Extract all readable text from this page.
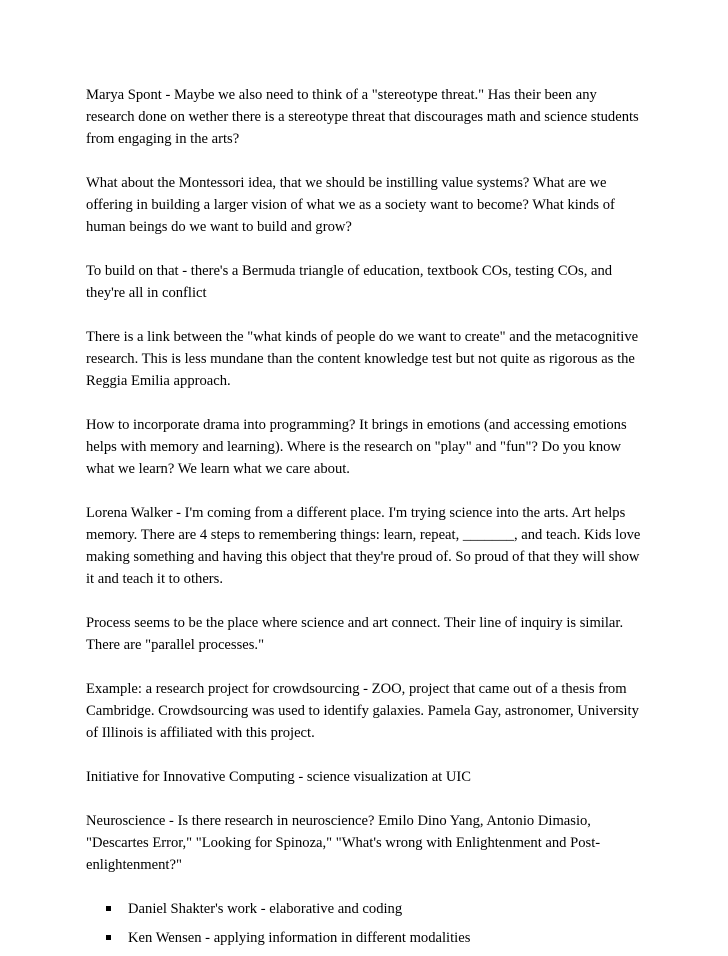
Marya Spont - Maybe we also need to think of a "stereotype threat." Has their been any research done on wether there is a stereotype threat that discourages math and science students from engaging in the arts?

What about the Montessori idea, that we should be instilling value systems? What are we offering in building a larger vision of what we as a society want to become? What kinds of human beings do we want to build and grow?

To build on that - there's a Bermuda triangle of education, textbook COs, testing COs, and they're all in conflict

There is a link between the "what kinds of people do we want to create" and the metacognitive research. This is less mundane than the content knowledge test but not quite as rigorous as the Reggia Emilia approach.

How to incorporate drama into programming? It brings in emotions (and accessing emotions helps with memory and learning). Where is the research on "play" and "fun"? Do you know what we learn? We learn what we care about.

Lorena Walker - I'm coming from a different place. I'm trying science into the arts. Art helps memory. There are 4 steps to remembering things: learn, repeat, _______, and teach. Kids love making something and having this object that they're proud of. So proud of that they will show it and teach it to others.

Process seems to be the place where science and art connect. Their line of inquiry is similar. There are "parallel processes."

Example: a research project for crowdsourcing - ZOO, project that came out of a thesis from Cambridge. Crowdsourcing was used to identify galaxies. Pamela Gay, astronomer, University of Illinois is affiliated with this project.

Initiative for Innovative Computing - science visualization at UIC

Neuroscience - Is there research in neuroscience? Emilo Dino Yang, Antonio Dimasio, "Descartes Error," "Looking for Spinoza," "What's wrong with Enlightenment and Post-enlightenment?"

Daniel Shakter's work - elaborative and coding
Ken Wensen - applying information in different modalities
